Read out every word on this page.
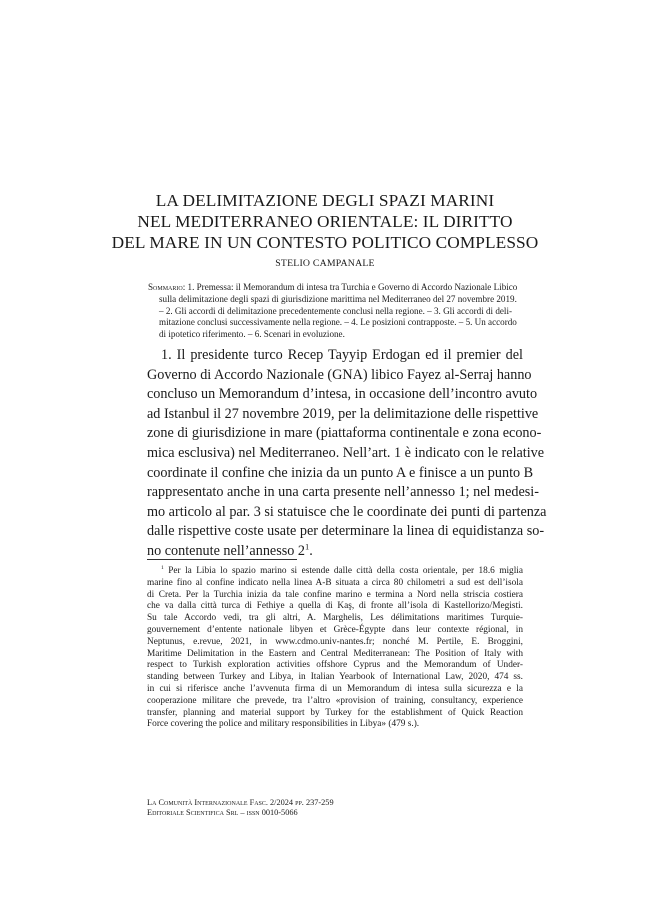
LA DELIMITAZIONE DEGLI SPAZI MARINI
NEL MEDITERRANEO ORIENTALE: IL DIRITTO
DEL MARE IN UN CONTESTO POLITICO COMPLESSO
STELIO CAMPANALE
Sommario: 1. Premessa: il Memorandum di intesa tra Turchia e Governo di Accordo Nazionale Libico
sulla delimitazione degli spazi di giurisdizione marittima nel Mediterraneo del 27 novembre 2019.
– 2. Gli accordi di delimitazione precedentemente conclusi nella regione. – 3. Gli accordi di deli-
mitazione conclusi successivamente nella regione. – 4. Le posizioni contrapposte. – 5. Un accordo
di ipotetico riferimento. – 6. Scenari in evoluzione.
1. Il presidente turco Recep Tayyip Erdogan ed il premier del
Governo di Accordo Nazionale (GNA) libico Fayez al-Serraj hanno
concluso un Memorandum d’intesa, in occasione dell’incontro avuto
ad Istanbul il 27 novembre 2019, per la delimitazione delle rispettive
zone di giurisdizione in mare (piattaforma continentale e zona econo-
mica esclusiva) nel Mediterraneo. Nell’art. 1 è indicato con le relative
coordinate il confine che inizia da un punto A e finisce a un punto B
rappresentato anche in una carta presente nell’annesso 1; nel medesi-
mo articolo al par. 3 si statuisce che le coordinate dei punti di partenza
dalle rispettive coste usate per determinare la linea di equidistanza so-
no contenute nell’annesso $2^1$.
$^1$ Per la Libia lo spazio marino si estende dalle città della costa orientale, per 18.6 miglia
marine fino al confine indicato nella linea A-B situata a circa 80 chilometri a sud est dell’isola
di Creta. Per la Turchia inizia da tale confine marino e termina a Nord nella striscia costiera
che va dalla città turca di Fethiye a quella di Kaş, di fronte all’isola di Kastellorizo/Megisti.
Su tale Accordo vedi, tra gli altri, A. Marghelis, Les délimitations maritimes Turquie-
gouvernement d’entente nationale libyen et Grèce-Égypte dans leur contexte régional, in
Neptunus, e.revue, 2021, in www.cdmo.univ-nantes.fr; nonché M. Pertile, E. Broggini,
Maritime Delimitation in the Eastern and Central Mediterranean: The Position of Italy with
respect to Turkish exploration activities offshore Cyprus and the Memorandum of Under-
standing between Turkey and Libya, in Italian Yearbook of International Law, 2020, 474 ss.
in cui si riferisce anche l’avvenuta firma di un Memorandum di intesa sulla sicurezza e la
cooperazione militare che prevede, tra l’altro «provision of training, consultancy, experience
transfer, planning and material support by Turkey for the establishment of Quick Reaction
Force covering the police and military responsibilities in Libya» (479 s.).
La Comunità Internazionale Fasc. 2/2024 pp. 237-259
Editoriale Scientifica Srl – issn 0010-5066
